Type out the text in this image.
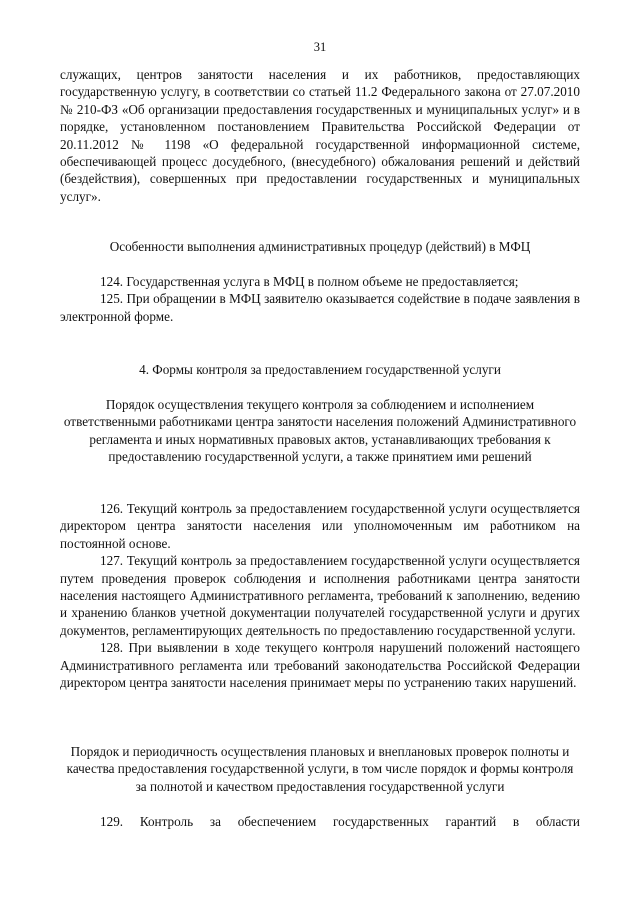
31

служащих, центров занятости населения и их работников, предоставляющих государственную услугу, в соответствии со статьей 11.2 Федерального закона от 27.07.2010 № 210-ФЗ «Об организации предоставления государственных и муниципальных услуг» и в порядке, установленном постановлением Правительства Российской Федерации от 20.11.2012 № 1198 «О федеральной государственной информационной системе, обеспечивающей процесс досудебного, (внесудебного) обжалования решений и действий (бездействия), совершенных при предоставлении государственных и муниципальных услуг».

Особенности выполнения административных процедур (действий) в МФЦ

124. Государственная услуга в МФЦ в полном объеме не предоставляется;

125. При обращении в МФЦ заявителю оказывается содействие в подаче заявления в электронной форме.

4. Формы контроля за предоставлением государственной услуги

Порядок осуществления текущего контроля за соблюдением и исполнением ответственными работниками центра занятости населения положений Административного регламента и иных нормативных правовых актов, устанавливающих требования к предоставлению государственной услуги, а также принятием ими решений

126. Текущий контроль за предоставлением государственной услуги осуществляется директором центра занятости населения или уполномоченным им работником на постоянной основе.

127. Текущий контроль за предоставлением государственной услуги осуществляется путем проведения проверок соблюдения и исполнения работниками центра занятости населения настоящего Административного регламента, требований к заполнению, ведению и хранению бланков учетной документации получателей государственной услуги и других документов, регламентирующих деятельность по предоставлению государственной услуги.

128. При выявлении в ходе текущего контроля нарушений положений настоящего Административного регламента или требований законодательства Российской Федерации директором центра занятости населения принимает меры по устранению таких нарушений.

Порядок и периодичность осуществления плановых и внеплановых проверок полноты и качества предоставления государственной услуги, в том числе порядок и формы контроля за полнотой и качеством предоставления государственной услуги

129. Контроль за обеспечением государственных гарантий в области
